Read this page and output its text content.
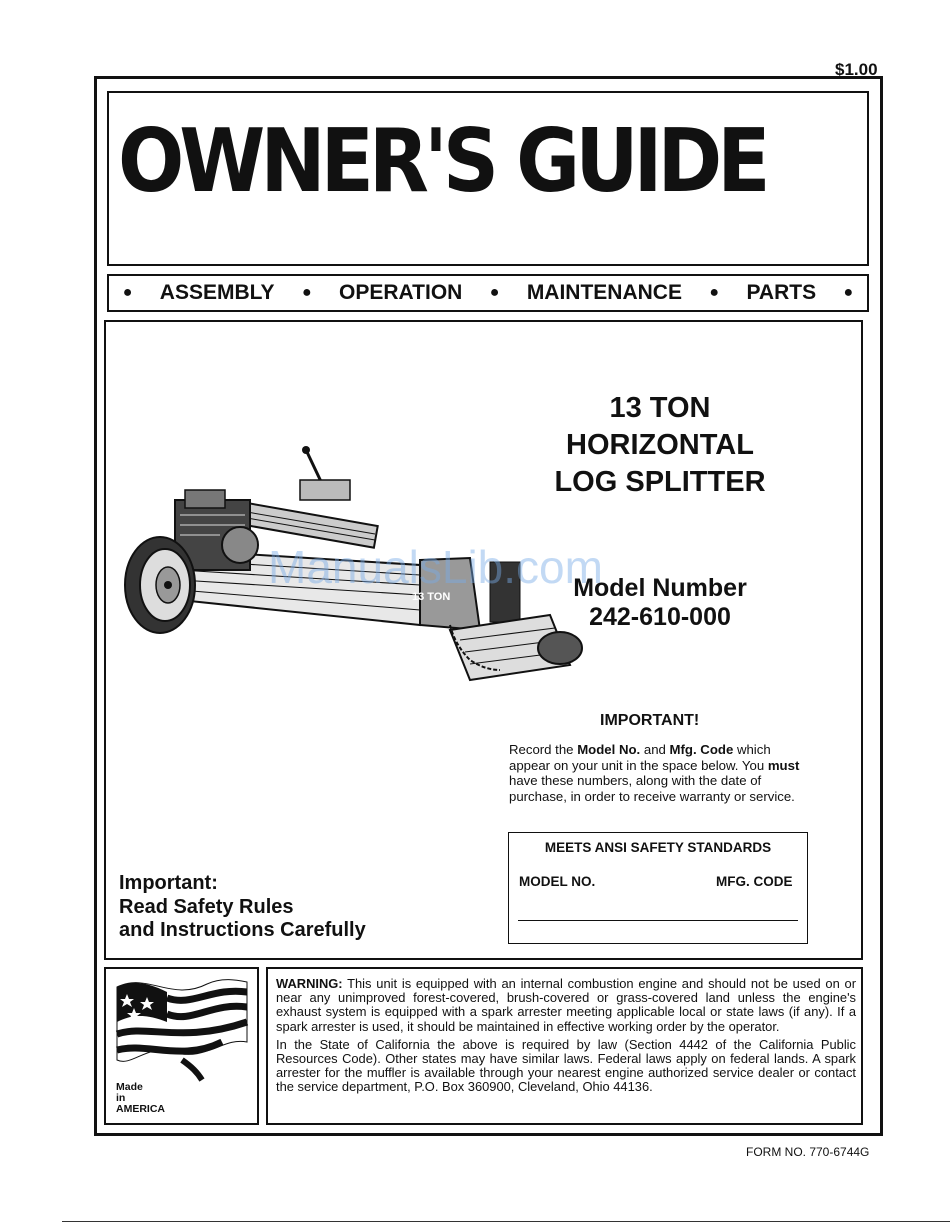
$1.00
OWNER'S GUIDE
● ASSEMBLY ● OPERATION ● MAINTENANCE ● PARTS ●
13 TON
ManualsLib.com
13 TON
HORIZONTAL
LOG SPLITTER
Model Number
242-610-000
IMPORTANT!
Record the Model No. and Mfg. Code which appear on your unit in the space below. You must have these numbers, along with the date of purchase, in order to receive warranty or service.
MEETS ANSI SAFETY STANDARDS
MODEL NO.	MFG. CODE
Important:
Read Safety Rules
and Instructions Carefully
Made
in
AMERICA

WARNING: This unit is equipped with an internal combustion engine and should not be used on or near any unimproved forest-covered, brush-covered or grass-covered land unless the engine's exhaust system is equipped with a spark arrester meeting applicable local or state laws (if any). If a spark arrester is used, it should be maintained in effective working order by the operator.

In the State of California the above is required by law (Section 4442 of the California Public Resources Code). Other states may have similar laws. Federal laws apply on federal lands. A spark arrester for the muffler is available through your nearest engine authorized service dealer or contact the service department, P.O. Box 360900, Cleveland, Ohio 44136.

FORM NO. 770-6744G
